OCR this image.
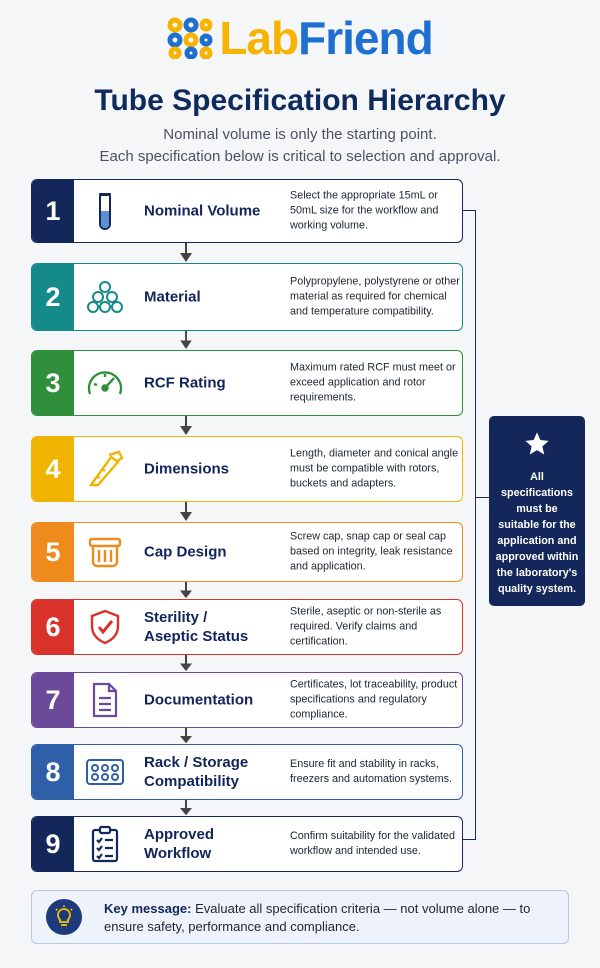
LabFriend
Tube Specification Hierarchy
Nominal volume is only the starting point.
Each specification below is critical to selection and approval.
1	Nominal Volume
Select the appropriate 15mL or 50mL size for the workflow and working volume.
2	Material
Polypropylene, polystyrene or other material as required for chemical and temperature compatibility.
3	RCF Rating
Maximum rated RCF must meet or exceed application and rotor requirements.
4	Dimensions
Length, diameter and conical angle must be compatible with rotors, buckets and adapters.
5	Cap Design
Screw cap, snap cap or seal cap based on integrity, leak resistance and application.
6	Sterility /
Aseptic Status
Sterile, aseptic or non-sterile as required. Verify claims and certification.
7	Documentation
Certificates, lot traceability, product specifications and regulatory compliance.
8	Rack / Storage
Compatibility
Ensure fit and stability in racks, freezers and automation systems.
9	Approved
Workflow
Confirm suitability for the validated workflow and intended use.
All specifications must be suitable for the application and approved within the laboratory's quality system.
Key message: Evaluate all specification criteria — not volume alone — to ensure safety, performance and compliance.
